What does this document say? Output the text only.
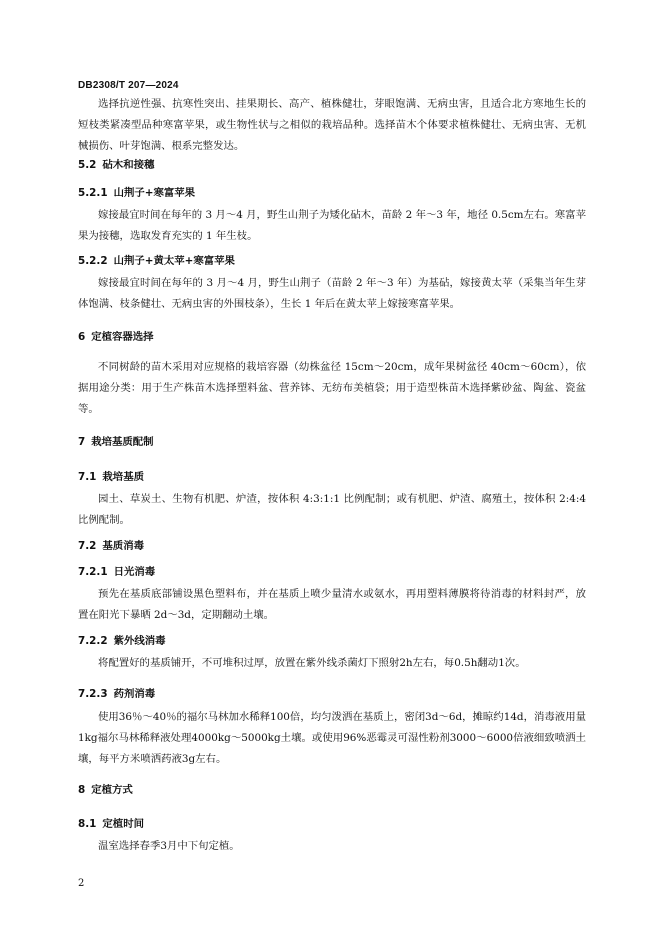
DB2308/T 207—2024
选择抗逆性强、抗寒性突出、挂果期长、高产、植株健壮，芽眼饱满、无病虫害，且适合北方寒地生长的短枝类紧凑型品种寒富苹果，或生物性状与之相似的栽培品种。选择苗木个体要求植株健壮、无病虫害、无机械损伤、叶芽饱满、根系完整发达。
5.2 砧木和接穗
5.2.1 山荆子+寒富苹果
嫁接最宜时间在每年的 3 月～4 月，野生山荆子为矮化砧木，苗龄 2 年～3 年，地径 0.5cm左右。寒富苹果为接穗，选取发育充实的 1 年生枝。
5.2.2 山荆子+黄太苹+寒富苹果
嫁接最宜时间在每年的 3 月～4 月，野生山荆子（苗龄 2 年～3 年）为基砧，嫁接黄太苹（采集当年生芽体饱满、枝条健壮、无病虫害的外围枝条），生长 1 年后在黄太苹上嫁接寒富苹果。
6 定植容器选择
不同树龄的苗木采用对应规格的栽培容器（幼株盆径 15cm～20cm，成年果树盆径 40cm～60cm），依据用途分类：用于生产株苗木选择塑料盆、营养钵、无纺布美植袋；用于造型株苗木选择紫砂盆、陶盆、瓷盆等。
7 栽培基质配制
7.1 栽培基质
园土、草炭土、生物有机肥、炉渣，按体积 4:3:1:1 比例配制；或有机肥、炉渣、腐殖土，按体积 2:4:4 比例配制。
7.2 基质消毒
7.2.1 日光消毒
预先在基质底部铺设黑色塑料布，并在基质上喷少量清水或氨水，再用塑料薄膜将待消毒的材料封严，放置在阳光下暴晒 2d～3d，定期翻动土壤。
7.2.2 紫外线消毒
将配置好的基质铺开，不可堆积过厚，放置在紫外线杀菌灯下照射2h左右，每0.5h翻动1次。
7.2.3 药剂消毒
使用36％～40％的福尔马林加水稀释100倍，均匀泼洒在基质上，密闭3d～6d，摊晾约14d，消毒液用量1kg福尔马林稀释液处理4000kg～5000kg土壤。或使用96%恶霉灵可湿性粉剂3000～6000倍液细致喷洒土壤，每平方米喷洒药液3g左右。
8 定植方式
8.1 定植时间
温室选择春季3月中下旬定植。
2
